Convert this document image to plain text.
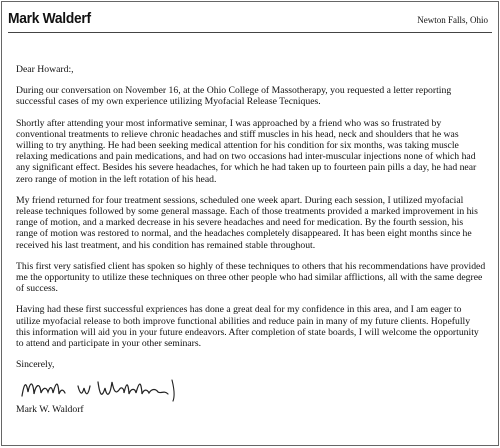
Mark Walderf	Newton Falls, Ohio

Dear Howard:,

During our conversation on November 16, at the Ohio College of Massotherapy, you requested a letter reporting successful cases of my own experience utilizing Myofacial Release Tecniques.

Shortly after attending your most informative seminar, I was approached by a friend who was so frustrated by conventional treatments to relieve chronic headaches and stiff muscles in his head, neck and shoulders that he was willing to try anything. He had been seeking medical attention for his condition for six months, was taking muscle relaxing medications and pain medications, and had on two occasions had inter-muscular injections none of which had any significant effect. Besides his severe headaches, for which he had taken up to fourteen pain pills a day, he had near zero range of motion in the left rotation of his head.

My friend returned for four treatment sessions, scheduled one week apart. During each session, I utilized myofacial release techniques followed by some general massage. Each of those treatments provided a marked improvement in his range of motion, and a marked decrease in his severe headaches and need for medication. By the fourth session, his range of motion was restored to normal, and the headaches completely disappeared. It has been eight months since he received his last treatment, and his condition has remained stable throughout.

This first very satisfied client has spoken so highly of these techniques to others that his recommendations have provided me the opportunity to utilize these techniques on three other people who had similar afflictions, all with the same degree of success.

Having had these first successful expriences has done a great deal for my confidence in this area, and I am eager to utilize myofacial release to both improve functional abilities and reduce pain in many of my future clients. Hopefully this information will aid you in your future endeavors. After completion of state boards, I will welcome the opportunity to attend and participate in your other seminars.

Sincerely,

Mark W. Waldorf
